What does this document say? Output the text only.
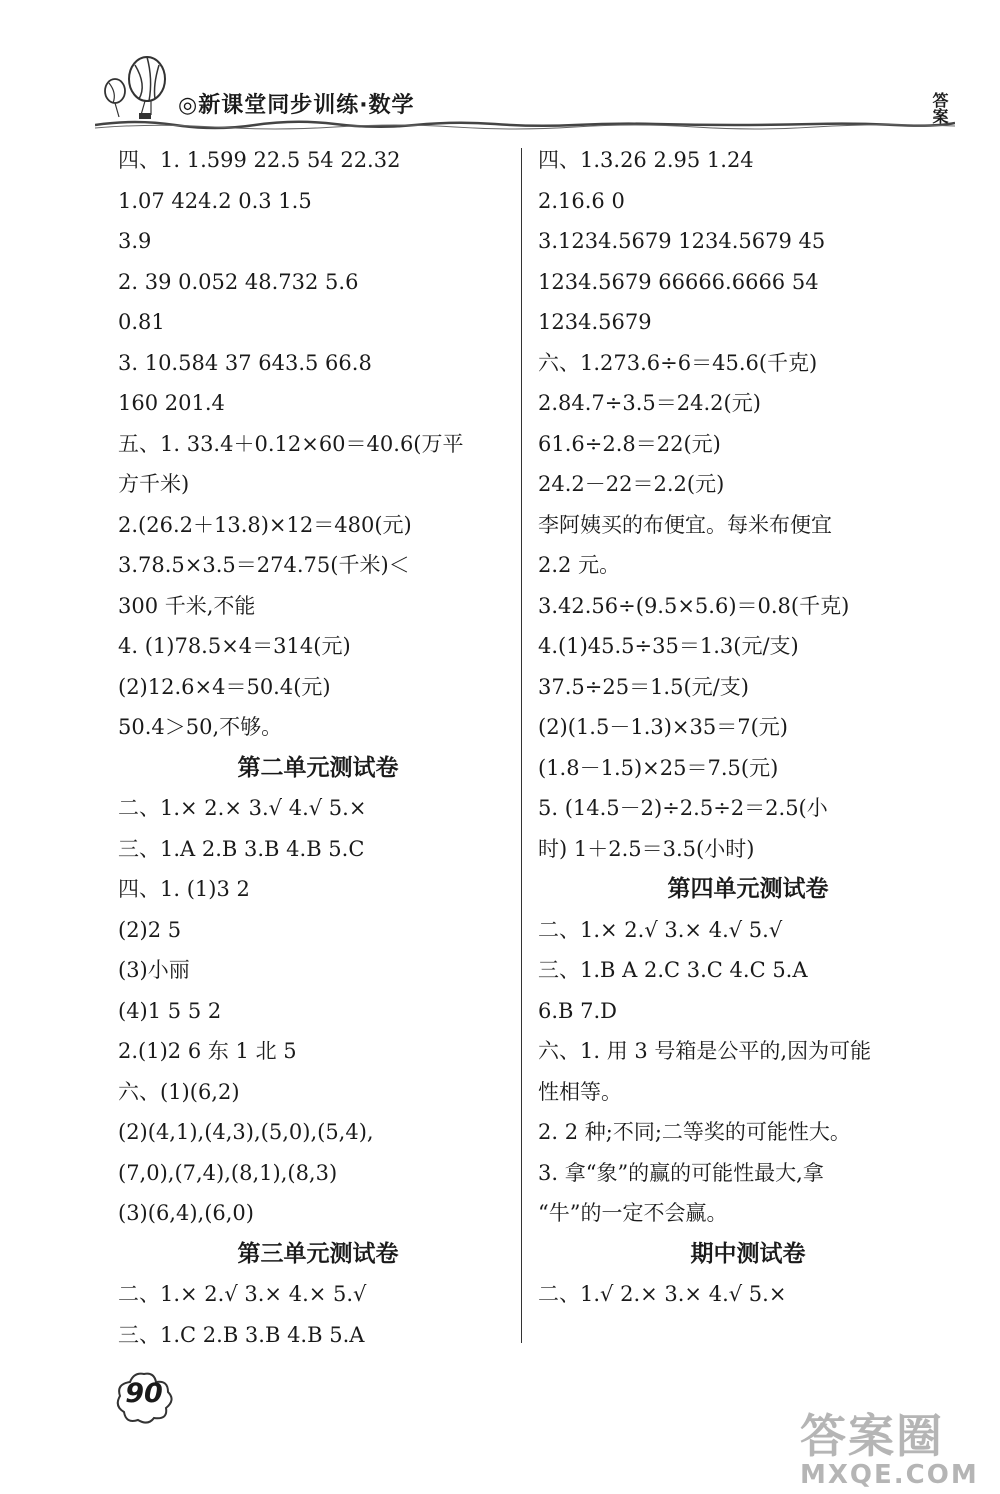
◎新课堂同步训练·数学	答案
四、1. 1.599 22.5 54 22.32
1.07 424.2 0.3 1.5
3.9
2. 39 0.052 48.732 5.6
0.81
3. 10.584 37 643.5 66.8
160 201.4
五、1. 33.4＋0.12×60＝40.6(万平
方千米)
2.(26.2＋13.8)×12＝480(元)
3.78.5×3.5＝274.75(千米)＜
300 千米,不能
4. (1)78.5×4＝314(元)
(2)12.6×4＝50.4(元)
50.4＞50,不够。
第二单元测试卷
二、1.× 2.× 3.√ 4.√ 5.×
三、1.A 2.B 3.B 4.B 5.C
四、1. (1)3 2
(2)2 5
(3)小丽
(4)1 5 5 2
2.(1)2 6 东 1 北 5
六、(1)(6,2)
(2)(4,1),(4,3),(5,0),(5,4),
(7,0),(7,4),(8,1),(8,3)
(3)(6,4),(6,0)
第三单元测试卷
二、1.× 2.√ 3.× 4.× 5.√
三、1.C 2.B 3.B 4.B 5.A
四、1.3.26 2.95 1.24
2.16.6 0
3.1234.5679 1234.5679 45
1234.5679 66666.6666 54
1234.5679
六、1.273.6÷6＝45.6(千克)
2.84.7÷3.5＝24.2(元)
61.6÷2.8＝22(元)
24.2－22＝2.2(元)
李阿姨买的布便宜。每米布便宜
2.2 元。
3.42.56÷(9.5×5.6)＝0.8(千克)
4.(1)45.5÷35＝1.3(元/支)
37.5÷25＝1.5(元/支)
(2)(1.5－1.3)×35＝7(元)
(1.8－1.5)×25＝7.5(元)
5. (14.5－2)÷2.5÷2＝2.5(小
时) 1＋2.5＝3.5(小时)
第四单元测试卷
二、1.× 2.√ 3.× 4.√ 5.√
三、1.B A 2.C 3.C 4.C 5.A
6.B 7.D
六、1. 用 3 号箱是公平的,因为可能
性相等。
2. 2 种;不同;二等奖的可能性大。
3. 拿“象”的赢的可能性最大,拿
“牛”的一定不会赢。
期中测试卷
二、1.√ 2.× 3.× 4.√ 5.×
90
答案圈
MXQE.COM
